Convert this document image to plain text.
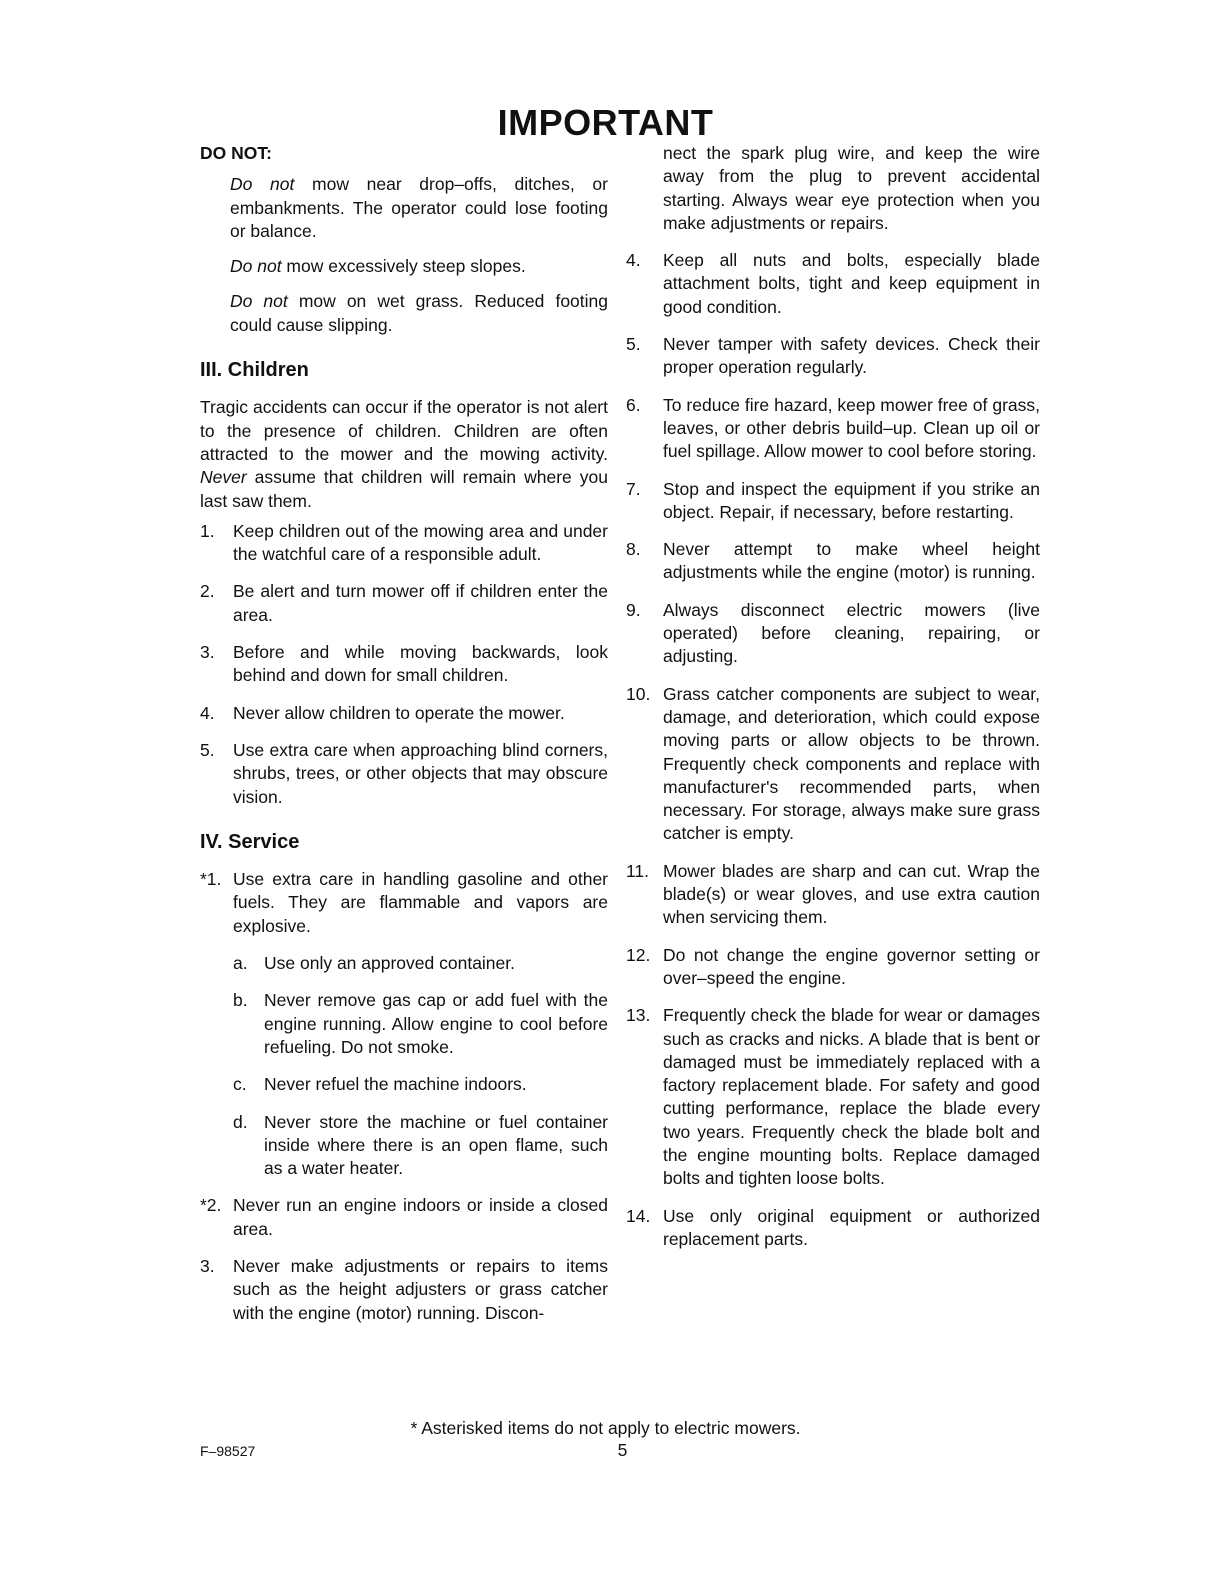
IMPORTANT
DO NOT:
Do not mow near drop–offs, ditches, or embankments. The operator could lose footing or balance.
Do not mow excessively steep slopes.
Do not mow on wet grass. Reduced footing could cause slipping.
III. Children
Tragic accidents can occur if the operator is not alert to the presence of children. Children are often attracted to the mower and the mowing activity. Never assume that children will remain where you last saw them.
1.	Keep children out of the mowing area and under the watchful care of a responsible adult.
2.	Be alert and turn mower off if children enter the area.
3.	Before and while moving backwards, look behind and down for small children.
4.	Never allow children to operate the mower.
5.	Use extra care when approaching blind corners, shrubs, trees, or other objects that may obscure vision.
IV. Service
*1. Use extra care in handling gasoline and other fuels. They are flammable and vapors are explosive.
a. Use only an approved container.
b. Never remove gas cap or add fuel with the engine running. Allow engine to cool before refueling. Do not smoke.
c. Never refuel the machine indoors.
d. Never store the machine or fuel container inside where there is an open flame, such as a water heater.
*2. Never run an engine indoors or inside a closed area.
3.	Never make adjustments or repairs to items such as the height adjusters or grass catcher with the engine (motor) running. Discon-
nect the spark plug wire, and keep the wire away from the plug to prevent accidental starting. Always wear eye protection when you make adjustments or repairs.
4.	Keep all nuts and bolts, especially blade attachment bolts, tight and keep equipment in good condition.
5.	Never tamper with safety devices. Check their proper operation regularly.
6.	To reduce fire hazard, keep mower free of grass, leaves, or other debris build–up. Clean up oil or fuel spillage. Allow mower to cool before storing.
7.	Stop and inspect the equipment if you strike an object. Repair, if necessary, before restarting.
8.	Never attempt to make wheel height adjustments while the engine (motor) is running.
9.	Always disconnect electric mowers (live operated) before cleaning, repairing, or adjusting.
10. Grass catcher components are subject to wear, damage, and deterioration, which could expose moving parts or allow objects to be thrown. Frequently check components and replace with manufacturer's recommended parts, when necessary. For storage, always make sure grass catcher is empty.
11. Mower blades are sharp and can cut. Wrap the blade(s) or wear gloves, and use extra caution when servicing them.
12. Do not change the engine governor setting or over–speed the engine.
13. Frequently check the blade for wear or damages such as cracks and nicks. A blade that is bent or damaged must be immediately replaced with a factory replacement blade. For safety and good cutting performance, replace the blade every two years. Frequently check the blade bolt and the engine mounting bolts. Replace damaged bolts and tighten loose bolts.
14. Use only original equipment or authorized replacement parts.
* Asterisked items do not apply to electric mowers.
F–98527	5
